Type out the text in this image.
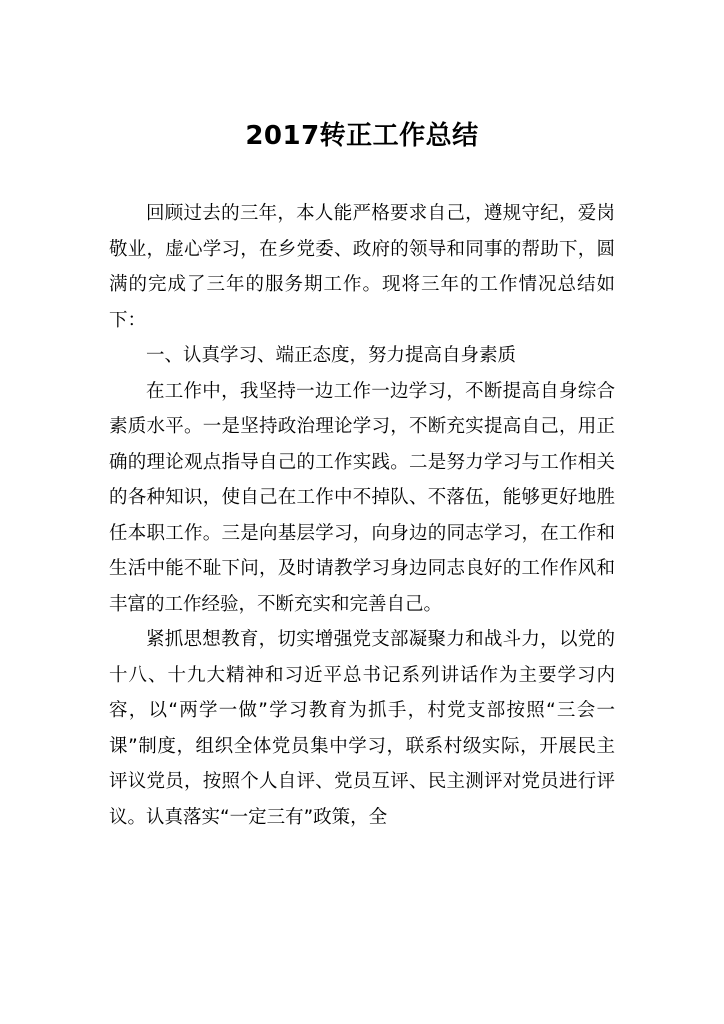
2017转正工作总结

回顾过去的三年，本人能严格要求自己，遵规守纪，爱岗敬业，虚心学习，在乡党委、政府的领导和同事的帮助下，圆满的完成了三年的服务期工作。现将三年的工作情况总结如下：

一、认真学习、端正态度，努力提高自身素质

在工作中，我坚持一边工作一边学习，不断提高自身综合素质水平。一是坚持政治理论学习，不断充实提高自己，用正确的理论观点指导自己的工作实践。二是努力学习与工作相关的各种知识，使自己在工作中不掉队、不落伍，能够更好地胜任本职工作。三是向基层学习，向身边的同志学习，在工作和生活中能不耻下问，及时请教学习身边同志良好的工作作风和丰富的工作经验，不断充实和完善自己。

紧抓思想教育，切实增强党支部凝聚力和战斗力，以党的十八、十九大精神和习近平总书记系列讲话作为主要学习内容，以“两学一做”学习教育为抓手，村党支部按照“三会一课”制度，组织全体党员集中学习，联系村级实际，开展民主评议党员，按照个人自评、党员互评、民主测评对党员进行评议。认真落实“一定三有”政策，全
